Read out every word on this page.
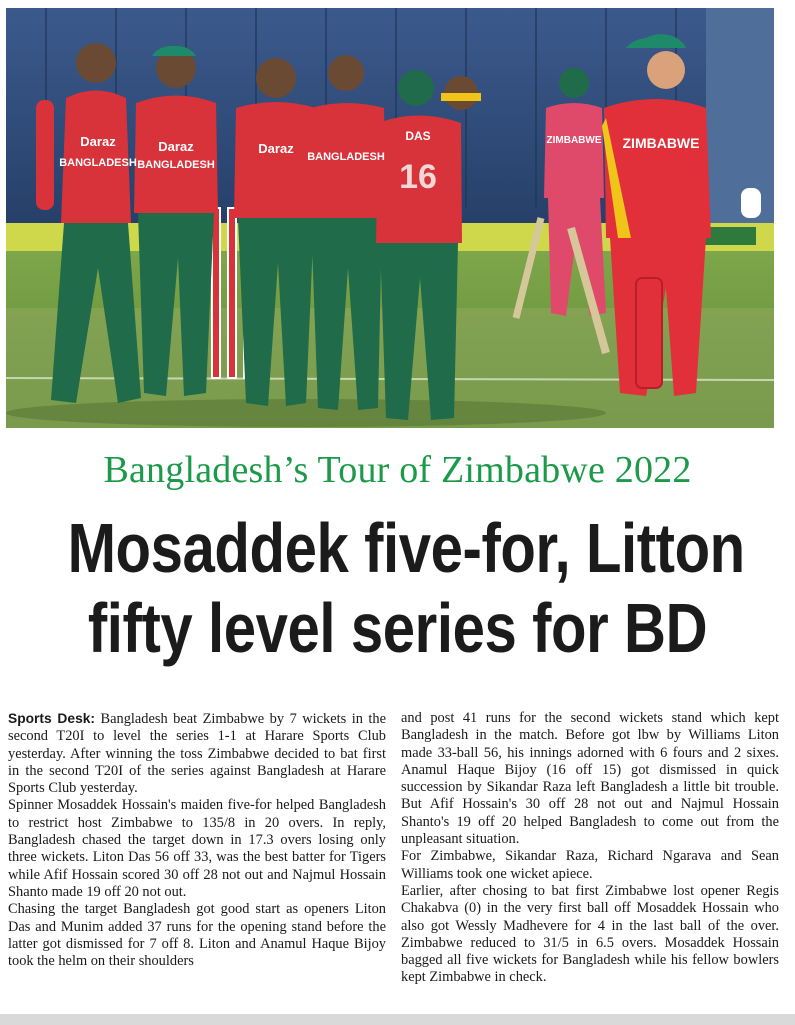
Daraz
BANGLADESH
Daraz
BANGLADESH
Daraz
BANGLADESH
DAS
16
ZIMBABWE ZIMBABWE
Bangladesh’s Tour of Zimbabwe 2022
Mosaddek five-for, Litton
fifty level series for BD

Sports Desk: Bangladesh beat Zimbabwe by 7 wickets in the second T20I to level the series 1-1 at Harare Sports Club yesterday. After winning the toss Zimbabwe decided to bat first in the second T20I of the series against Bangladesh at Harare Sports Club yesterday.

Spinner Mosaddek Hossain's maiden five-for helped Bangladesh to restrict host Zimbabwe to 135/8 in 20 overs. In reply, Bangladesh chased the target down in 17.3 overs losing only three wickets. Liton Das 56 off 33, was the best batter for Tigers while Afif Hossain scored 30 off 28 not out and Najmul Hossain Shanto made 19 off 20 not out.

Chasing the target Bangladesh got good start as openers Liton Das and Munim added 37 runs for the opening stand before the latter got dismissed for 7 off 8. Liton and Anamul Haque Bijoy took the helm on their shoulders

and post 41 runs for the second wickets stand which kept Bangladesh in the match. Before got lbw by Williams Liton made 33-ball 56, his innings adorned with 6 fours and 2 sixes. Anamul Haque Bijoy (16 off 15) got dismissed in quick succession by Sikandar Raza left Bangladesh a little bit trouble. But Afif Hossain's 30 off 28 not out and Najmul Hossain Shanto's 19 off 20 helped Bangladesh to come out from the unpleasant situation.

For Zimbabwe, Sikandar Raza, Richard Ngarava and Sean Williams took one wicket apiece.

Earlier, after chosing to bat first Zimbabwe lost opener Regis Chakabva (0) in the very first ball off Mosaddek Hossain who also got Wessly Madhevere for 4 in the last ball of the over. Zimbabwe reduced to 31/5 in 6.5 overs. Mosaddek Hossain bagged all five wickets for Bangladesh while his fellow bowlers kept Zimbabwe in check.
